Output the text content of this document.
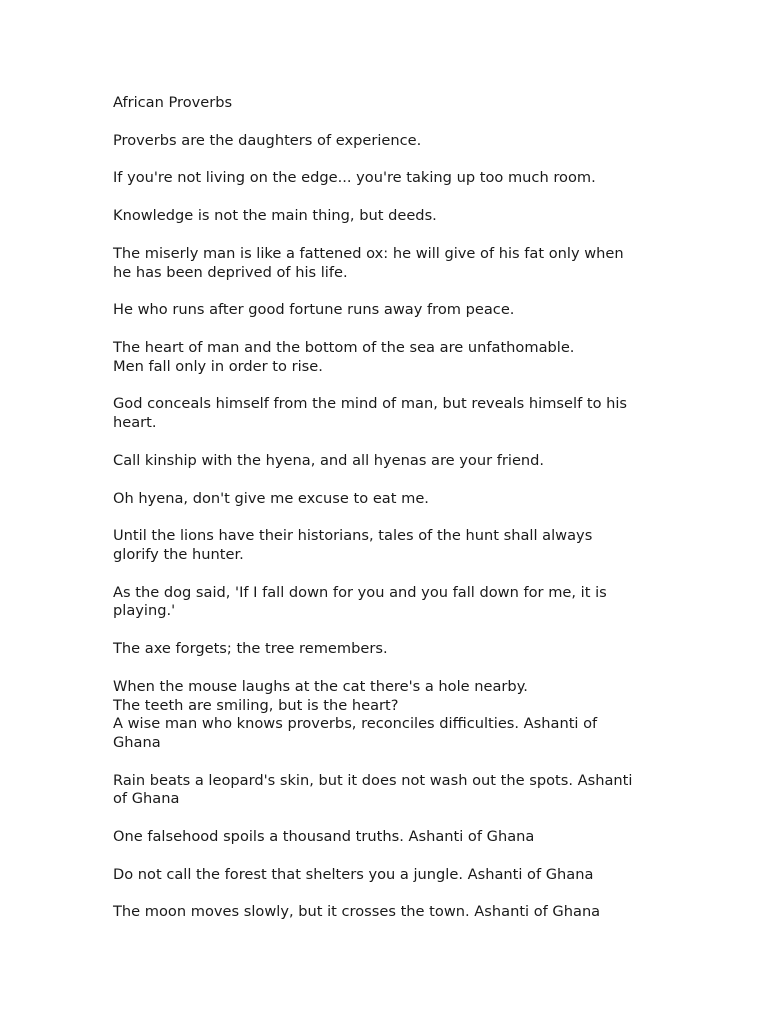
African Proverbs
Proverbs are the daughters of experience.
If you're not living on the edge... you're taking up too much room.
Knowledge is not the main thing, but deeds.
The miserly man is like a fattened ox: he will give of his fat only when
he has been deprived of his life.
He who runs after good fortune runs away from peace.
The heart of man and the bottom of the sea are unfathomable.
Men fall only in order to rise.
God conceals himself from the mind of man, but reveals himself to his
heart.
Call kinship with the hyena, and all hyenas are your friend.
Oh hyena, don't give me excuse to eat me.
Until the lions have their historians, tales of the hunt shall always
glorify the hunter.
As the dog said, 'If I fall down for you and you fall down for me, it is
playing.'
The axe forgets; the tree remembers.
When the mouse laughs at the cat there's a hole nearby.
The teeth are smiling, but is the heart?
A wise man who knows proverbs, reconciles difficulties. Ashanti of
Ghana
Rain beats a leopard's skin, but it does not wash out the spots. Ashanti
of Ghana
One falsehood spoils a thousand truths. Ashanti of Ghana
Do not call the forest that shelters you a jungle. Ashanti of Ghana
The moon moves slowly, but it crosses the town. Ashanti of Ghana
